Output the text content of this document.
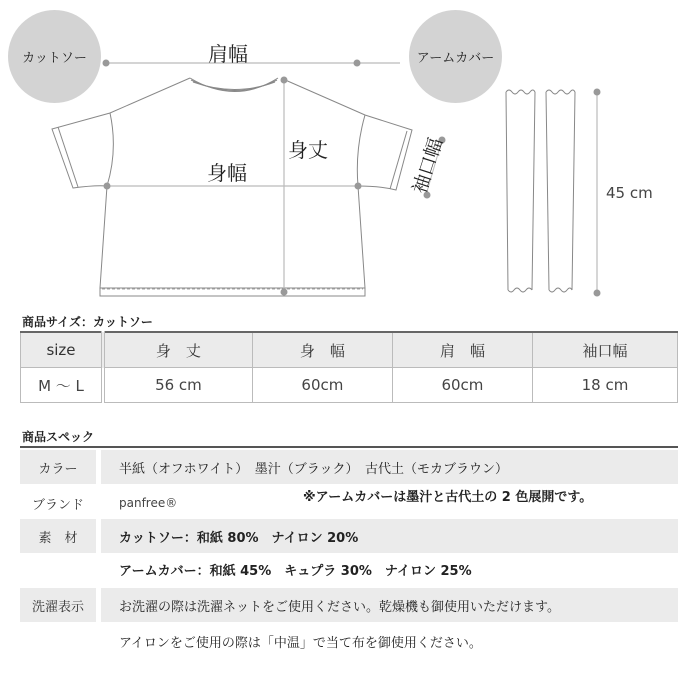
カットソー	アームカバー
肩幅
身丈
身幅	袖口幅	45 cm
商品サイズ：カットソー
size	身　丈	身　幅	肩　幅	袖口幅
M ～ L	56 cm	60cm	60cm	18 cm
商品スペック
カラー	半紙（オフホワイト）　墨汁（ブラック）　古代土（モカブラウン）
ブランド	panfree®	※アームカバーは墨汁と古代土の 2 色展開です。
素　材	カットソー：和紙 80%　ナイロン 20%
アームカバー：和紙 45%　キュプラ 30%　ナイロン 25%
洗濯表示	お洗濯の際は洗濯ネットをご使用ください。乾燥機も御使用いただけます。
アイロンをご使用の際は「中温」で当て布を御使用ください。
